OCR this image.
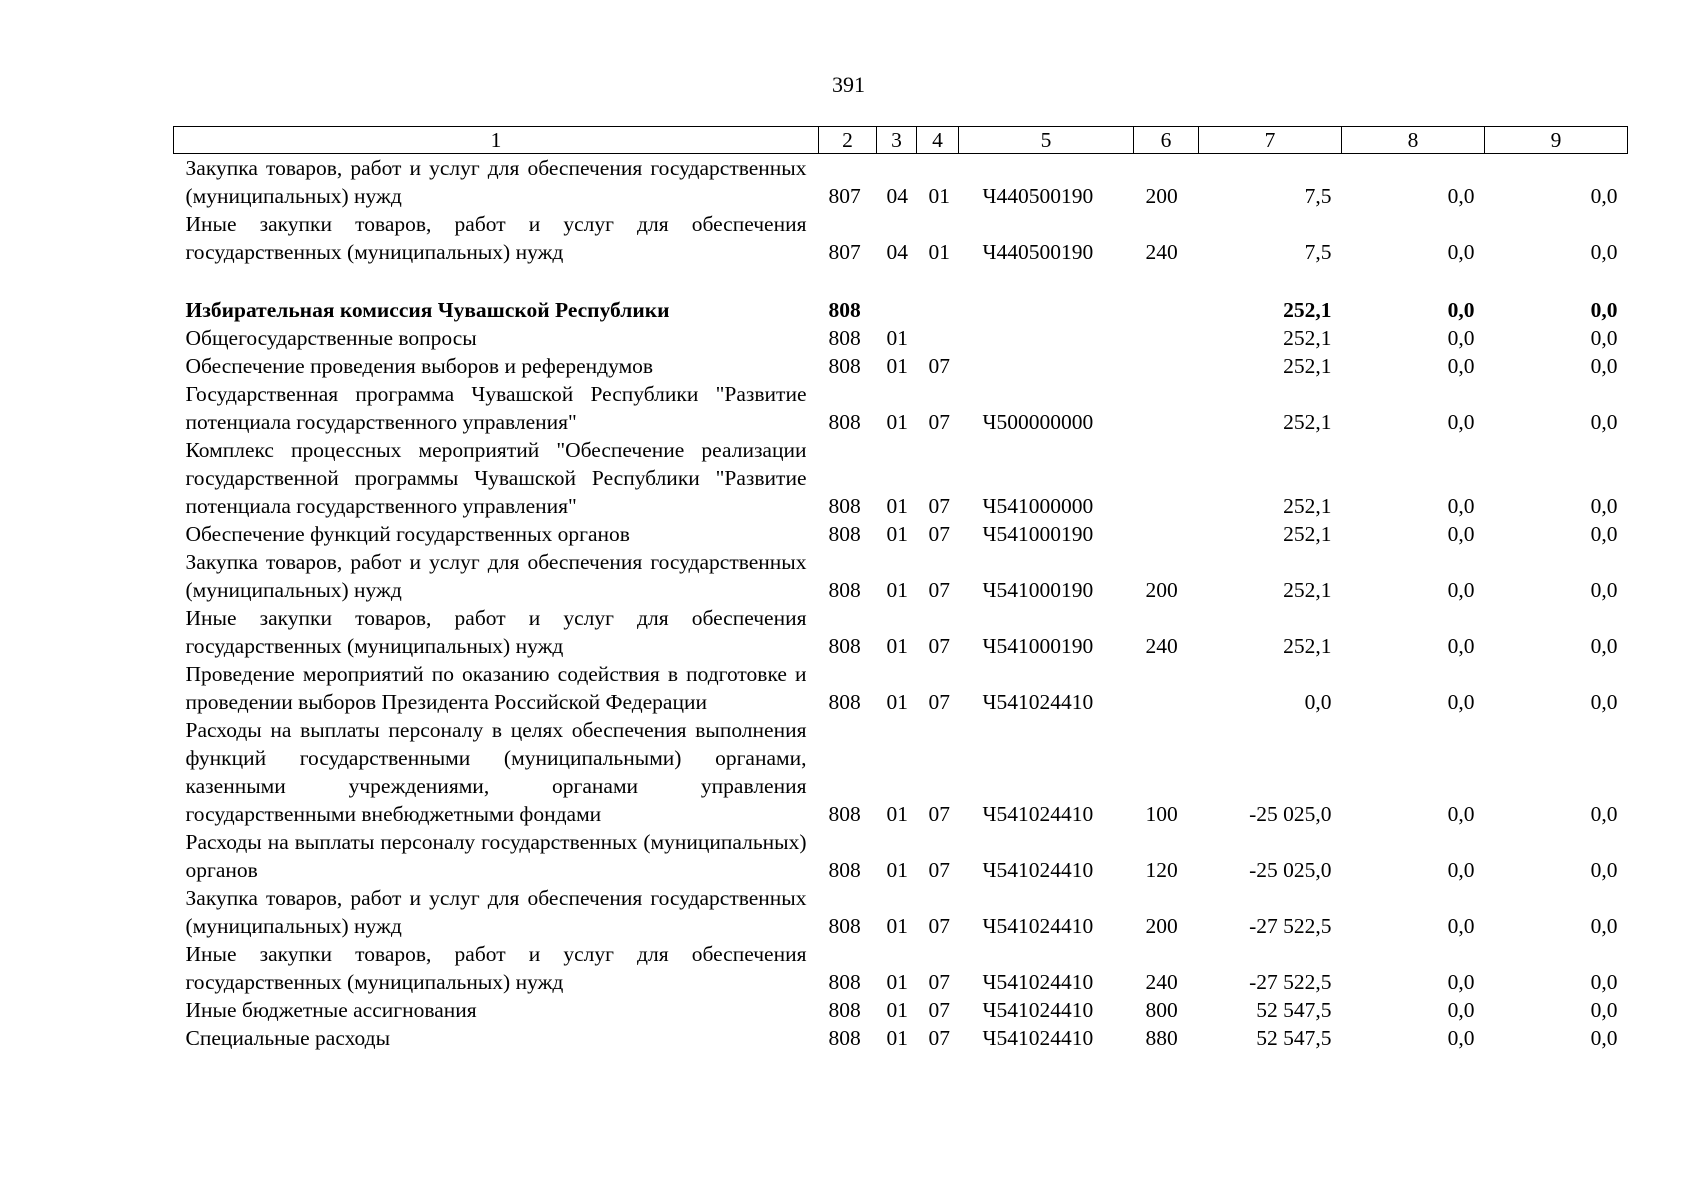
391
1	2	3	4	5	6	7	8	9
Закупка товаров, работ и услуг для обеспечения государственных (муниципальных) нужд	807	04	01	Ч440500190	200	7,5	0,0	0,0
Иные закупки товаров, работ и услуг для обеспечения государственных (муниципальных) нужд	807	04	01	Ч440500190	240	7,5	0,0	0,0

Избирательная комиссия Чувашской Республики	808					252,1	0,0	0,0
Общегосударственные вопросы	808	01				252,1	0,0	0,0
Обеспечение проведения выборов и референдумов	808	01	07			252,1	0,0	0,0
Государственная программа Чувашской Республики "Развитие потенциала государственного управления"	808	01	07	Ч500000000		252,1	0,0	0,0
Комплекс процессных мероприятий "Обеспечение реализации государственной программы Чувашской Республики "Развитие потенциала государственного управления"	808	01	07	Ч541000000		252,1	0,0	0,0
Обеспечение функций государственных органов	808	01	07	Ч541000190		252,1	0,0	0,0
Закупка товаров, работ и услуг для обеспечения государственных (муниципальных) нужд	808	01	07	Ч541000190	200	252,1	0,0	0,0
Иные закупки товаров, работ и услуг для обеспечения государственных (муниципальных) нужд	808	01	07	Ч541000190	240	252,1	0,0	0,0
Проведение мероприятий по оказанию содействия в подготовке и проведении выборов Президента Российской Федерации	808	01	07	Ч541024410		0,0	0,0	0,0
Расходы на выплаты персоналу в целях обеспечения выполнения функций государственными (муниципальными) органами, казенными учреждениями, органами управления государственными внебюджетными фондами	808	01	07	Ч541024410	100	-25 025,0	0,0	0,0
Расходы на выплаты персоналу государственных (муниципальных) органов	808	01	07	Ч541024410	120	-25 025,0	0,0	0,0
Закупка товаров, работ и услуг для обеспечения государственных (муниципальных) нужд	808	01	07	Ч541024410	200	-27 522,5	0,0	0,0
Иные закупки товаров, работ и услуг для обеспечения государственных (муниципальных) нужд	808	01	07	Ч541024410	240	-27 522,5	0,0	0,0
Иные бюджетные ассигнования	808	01	07	Ч541024410	800	52 547,5	0,0	0,0
Специальные расходы	808	01	07	Ч541024410	880	52 547,5	0,0	0,0
